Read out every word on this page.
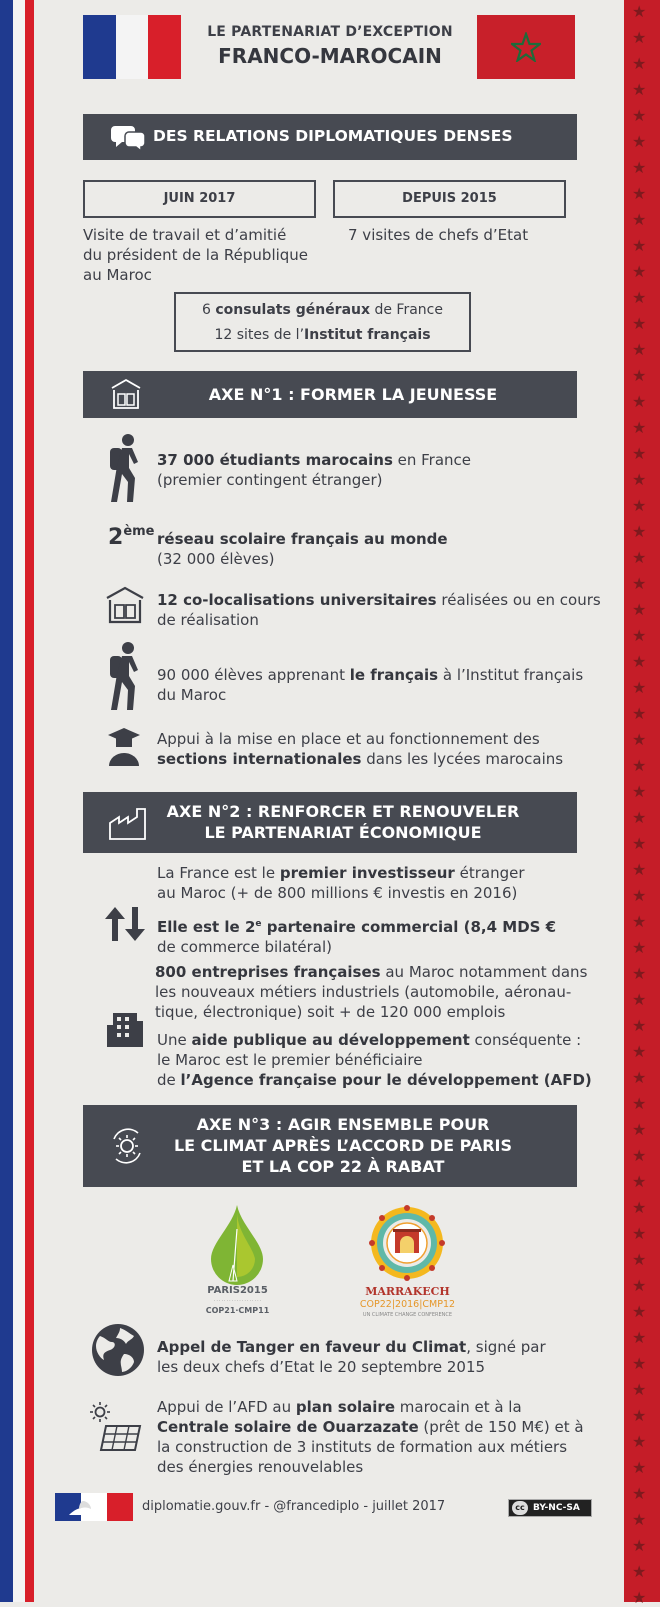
★
★
★
★
★
★
★
★
★
★
★
★
★
★
★
★
★
★
★
★
★
★
★
★
★
★
★
★
★
★
★
★
★
★
★
★
★
★
★
★
★
★
★
★
★
★
★
★
★
★
★
★
★
★
★
★
★
★
★
★
★
★
LE PARTENARIAT D’EXCEPTION
FRANCO-MAROCAIN
DES RELATIONS DIPLOMATIQUES DENSES
JUIN 2017	DEPUIS 2015
Visite de travail et d’amitié
du président de la République
au Maroc
7 visites de chefs d’Etat
6 consulats généraux de France
12 sites de l’Institut français
AXE N°1 : FORMER LA JEUNESSE
37 000 étudiants marocains en France
(premier contingent étranger)
2ème réseau scolaire français au monde
(32 000 élèves)
12 co-localisations universitaires réalisées ou en cours
de réalisation
90 000 élèves apprenant le français à l’Institut français
du Maroc
Appui à la mise en place et au fonctionnement des
sections internationales dans les lycées marocains
AXE N°2 : RENFORCER ET RENOUVELER
LE PARTENARIAT ÉCONOMIQUE
La France est le premier investisseur étranger
au Maroc (+ de 800 millions € investis en 2016)
Elle est le 2e partenaire commercial (8,4 MDS €
de commerce bilatéral)
800 entreprises françaises au Maroc notamment dans
les nouveaux métiers industriels (automobile, aéronau-
tique, électronique) soit + de 120 000 emplois
Une aide publique au développement conséquente :
le Maroc est le premier bénéficiaire
de l’Agence française pour le développement (AFD)
AXE N°3 : AGIR ENSEMBLE POUR
LE CLIMAT APRÈS L’ACCORD DE PARIS
ET LA COP 22 À RABAT
PARIS2015
· · · · · · · · · · · · · · · · · · ·
COP21·CMP11
MARRAKECH
COP22|2016|CMP12
UN CLIMATE CHANGE CONFERENCE
Appel de Tanger en faveur du Climat, signé par
les deux chefs d’Etat le 20 septembre 2015
Appui de l’AFD au plan solaire marocain et à la
Centrale solaire de Ouarzazate (prêt de 150 M€) et à
la construction de 3 instituts de formation aux métiers
des énergies renouvelables
diplomatie.gouv.fr - @francediplo - juillet 2017	cc BY-NC-SA
